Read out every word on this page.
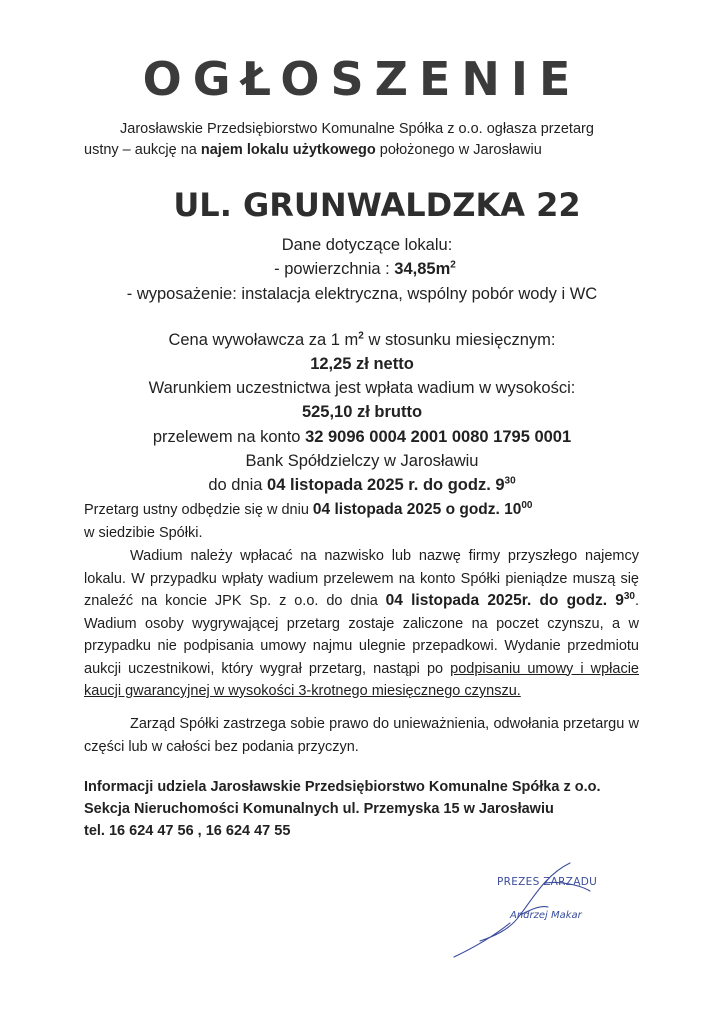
OGŁOSZENIE
Jarosławskie Przedsiębiorstwo Komunalne Spółka z o.o. ogłasza przetarg
ustny – aukcję na najem lokalu użytkowego położonego w Jarosławiu
UL. GRUNWALDZKA 22
Dane dotyczące lokalu:
- powierzchnia : $34,85m^2$
- wyposażenie: instalacja elektryczna, wspólny pobór wody i WC
Cena wywoławcza za 1 $m^2$ w stosunku miesięcznym:
12,25 zł netto
Warunkiem uczestnictwa jest wpłata wadium w wysokości:
525,10 zł brutto
przelewem na konto 32 9096 0004 2001 0080 1795 0001
Bank Spółdzielczy w Jarosławiu
do dnia 04 listopada 2025 r. do godz. $9^{30}$
Przetarg ustny odbędzie się w dniu 04 listopada 2025 o godz. $10^{00}$
w siedzibie Spółki.
Wadium należy wpłacać na nazwisko lub nazwę firmy przyszłego najemcy lokalu. W przypadku wpłaty wadium przelewem na konto Spółki pieniądze muszą się znaleźć na koncie JPK Sp. z o.o. do dnia 04 listopada 2025r. do godz. $9^{30}$. Wadium osoby wygrywającej przetarg zostaje zaliczone na poczet czynszu, a w przypadku nie podpisania umowy najmu ulegnie przepadkowi. Wydanie przedmiotu aukcji uczestnikowi, który wygrał przetarg, nastąpi po podpisaniu umowy i wpłacie kaucji gwarancyjnej w wysokości 3-krotnego miesięcznego czynszu.
Zarząd Spółki zastrzega sobie prawo do unieważnienia, odwołania przetargu w części lub w całości bez podania przyczyn.
Informacji udziela Jarosławskie Przedsiębiorstwo Komunalne Spółka z o.o.
Sekcja Nieruchomości Komunalnych ul. Przemyska 15 w Jarosławiu
tel. 16 624 47 56 , 16 624 47 55
PREZES ZARZĄDU
Andrzej Makar
